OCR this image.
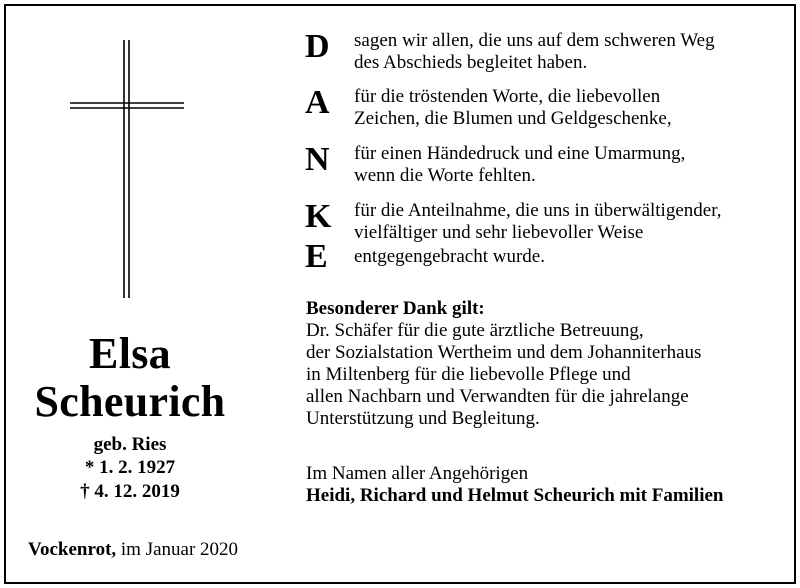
Elsa
Scheurich
geb. Ries
* 1. 2. 1927
† 4. 12. 2019
Vockenrot, im Januar 2020
D sagen wir allen, die uns auf dem schweren Weg
des Abschieds begleitet haben.
A für die tröstenden Worte, die liebevollen
Zeichen, die Blumen und Geldgeschenke,
N für einen Händedruck und eine Umarmung,
wenn die Worte fehlten.
K für die Anteilnahme, die uns in überwältigender,
vielfältiger und sehr liebevoller Weise
E entgegengebracht wurde.
Besonderer Dank gilt:
Dr. Schäfer für die gute ärztliche Betreuung,
der Sozialstation Wertheim und dem Johanniterhaus
in Miltenberg für die liebevolle Pflege und
allen Nachbarn und Verwandten für die jahrelange
Unterstützung und Begleitung.
Im Namen aller Angehörigen
Heidi, Richard und Helmut Scheurich mit Familien
